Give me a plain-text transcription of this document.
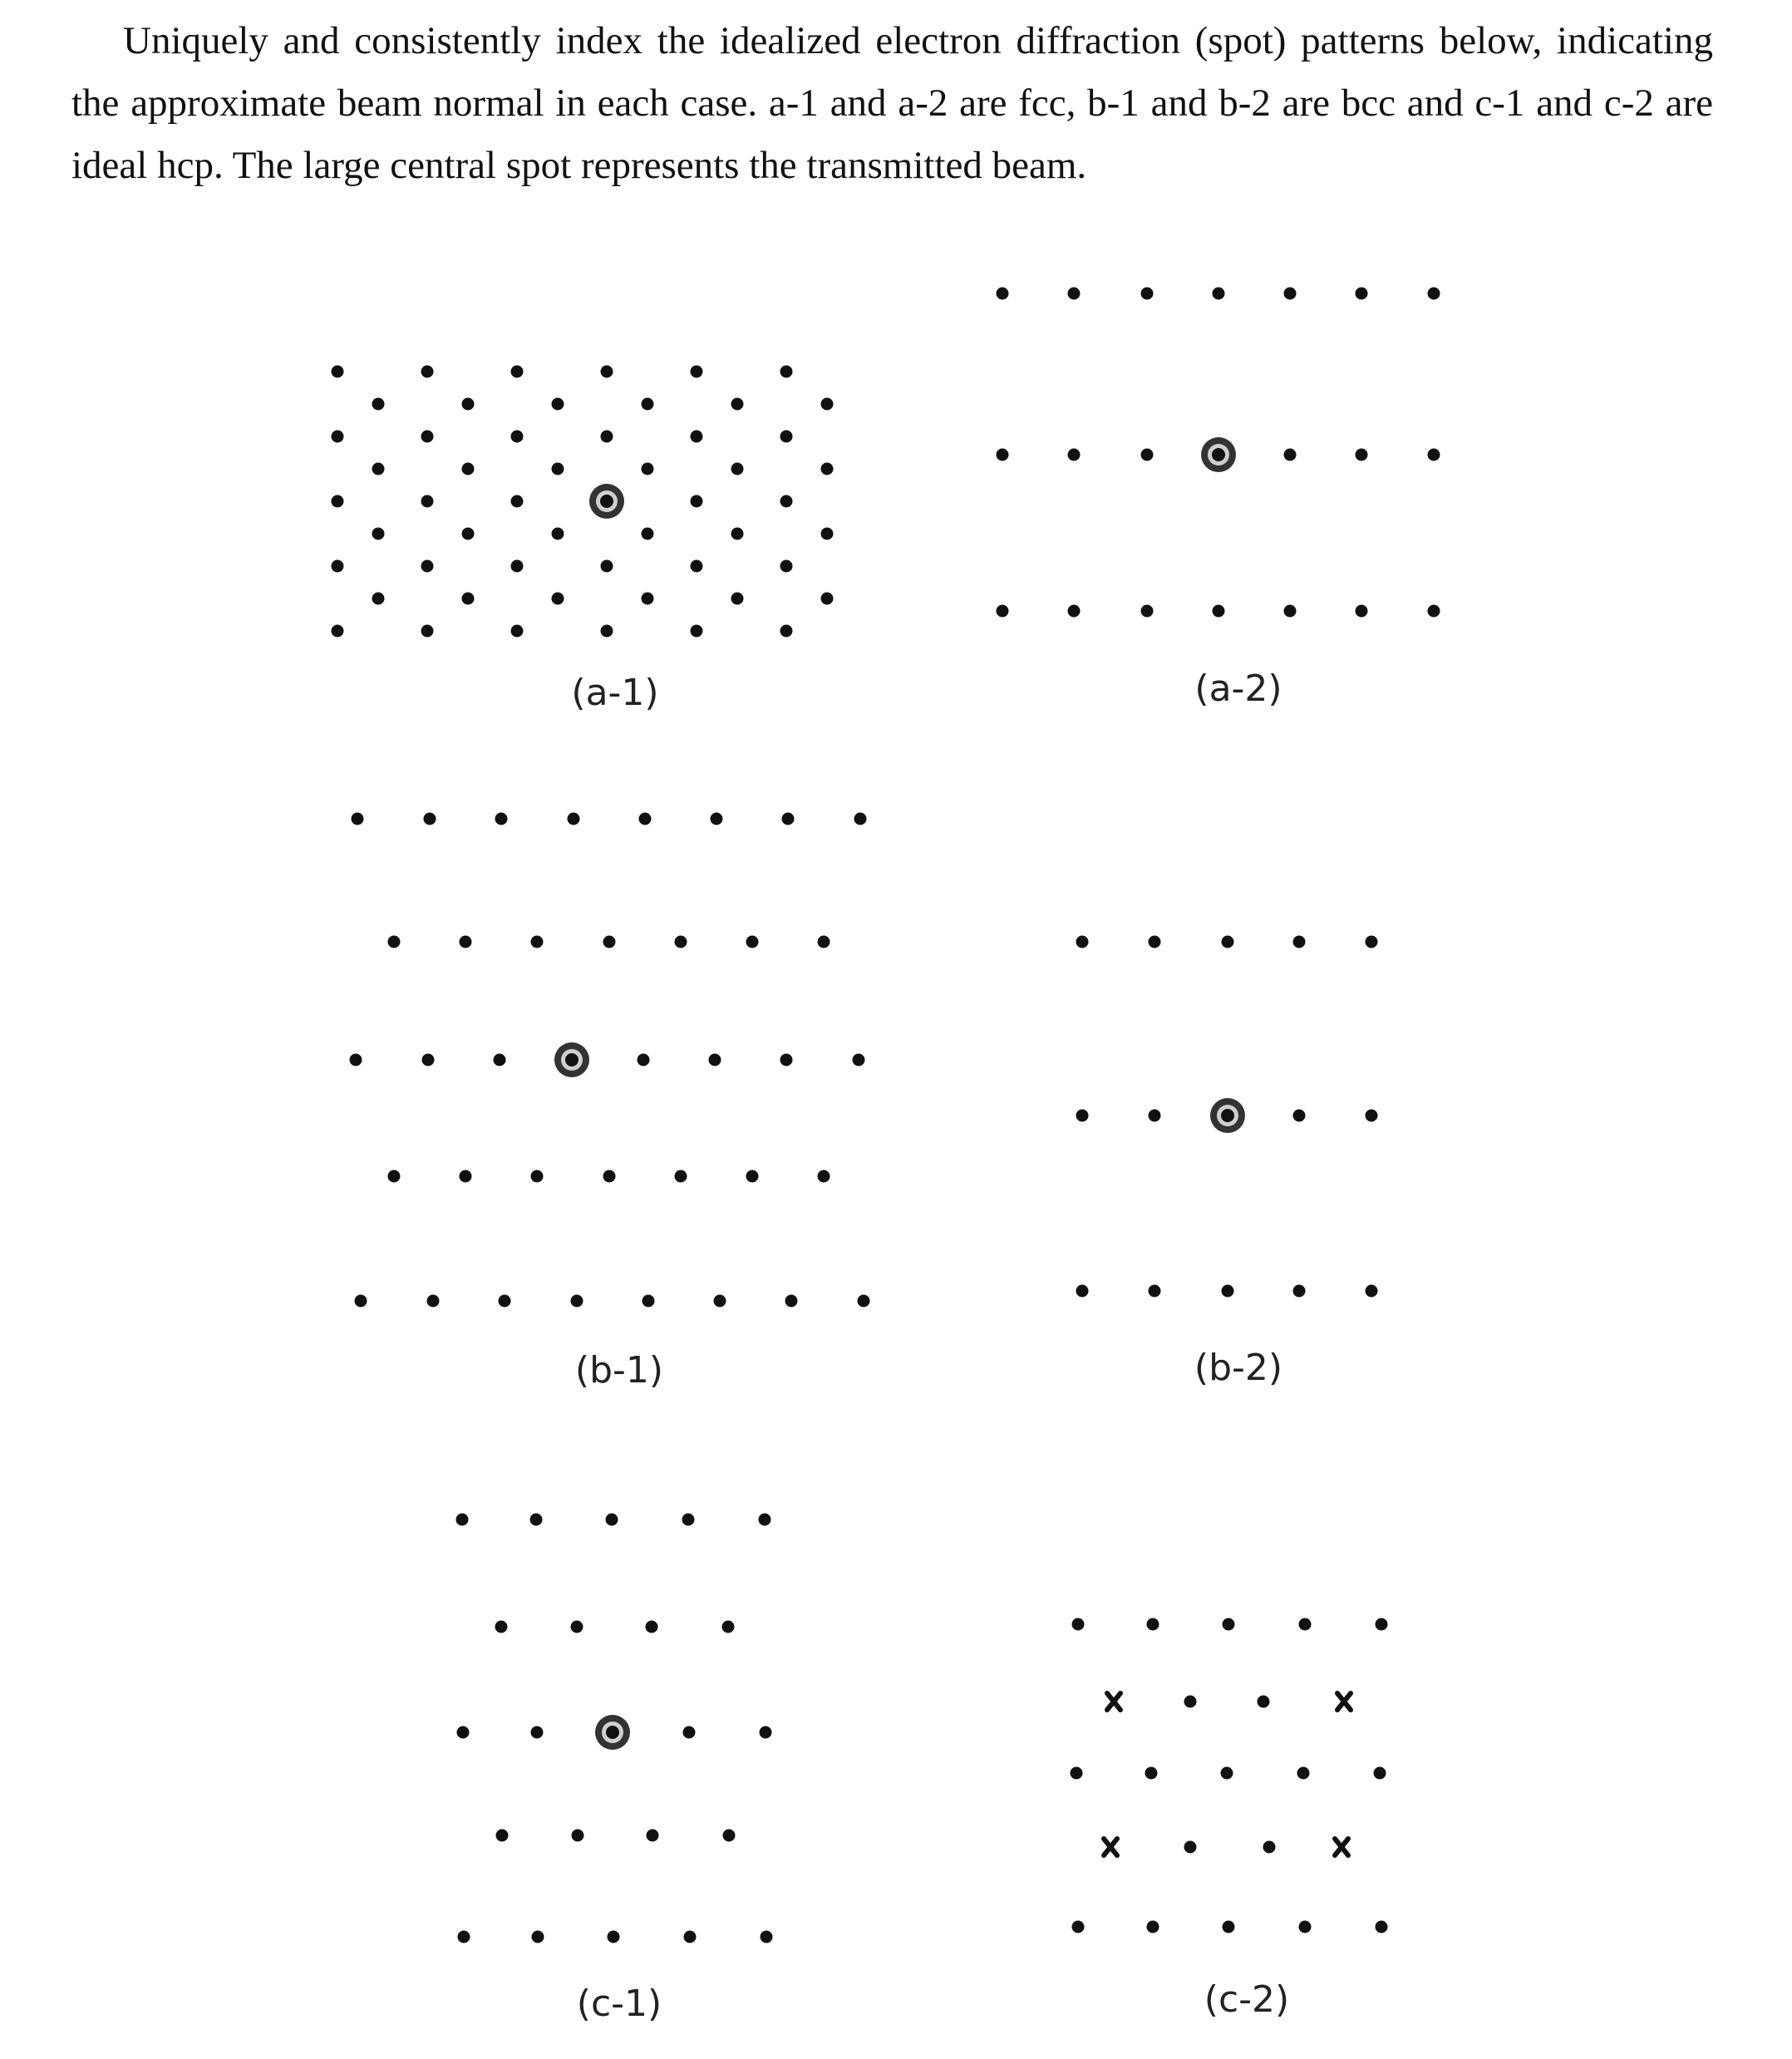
Uniquely and consistently index the idealized electron diffraction (spot) patterns below, indicating the approximate beam normal in each case. a-1 and a-2 are fcc, b-1 and b-2 are bcc and c-1 and c-2 are ideal hcp. The large central spot represents the transmitted beam.

(a-1)	(a-2)
(b-1)	(b-2)
(c-1)	(c-2)
